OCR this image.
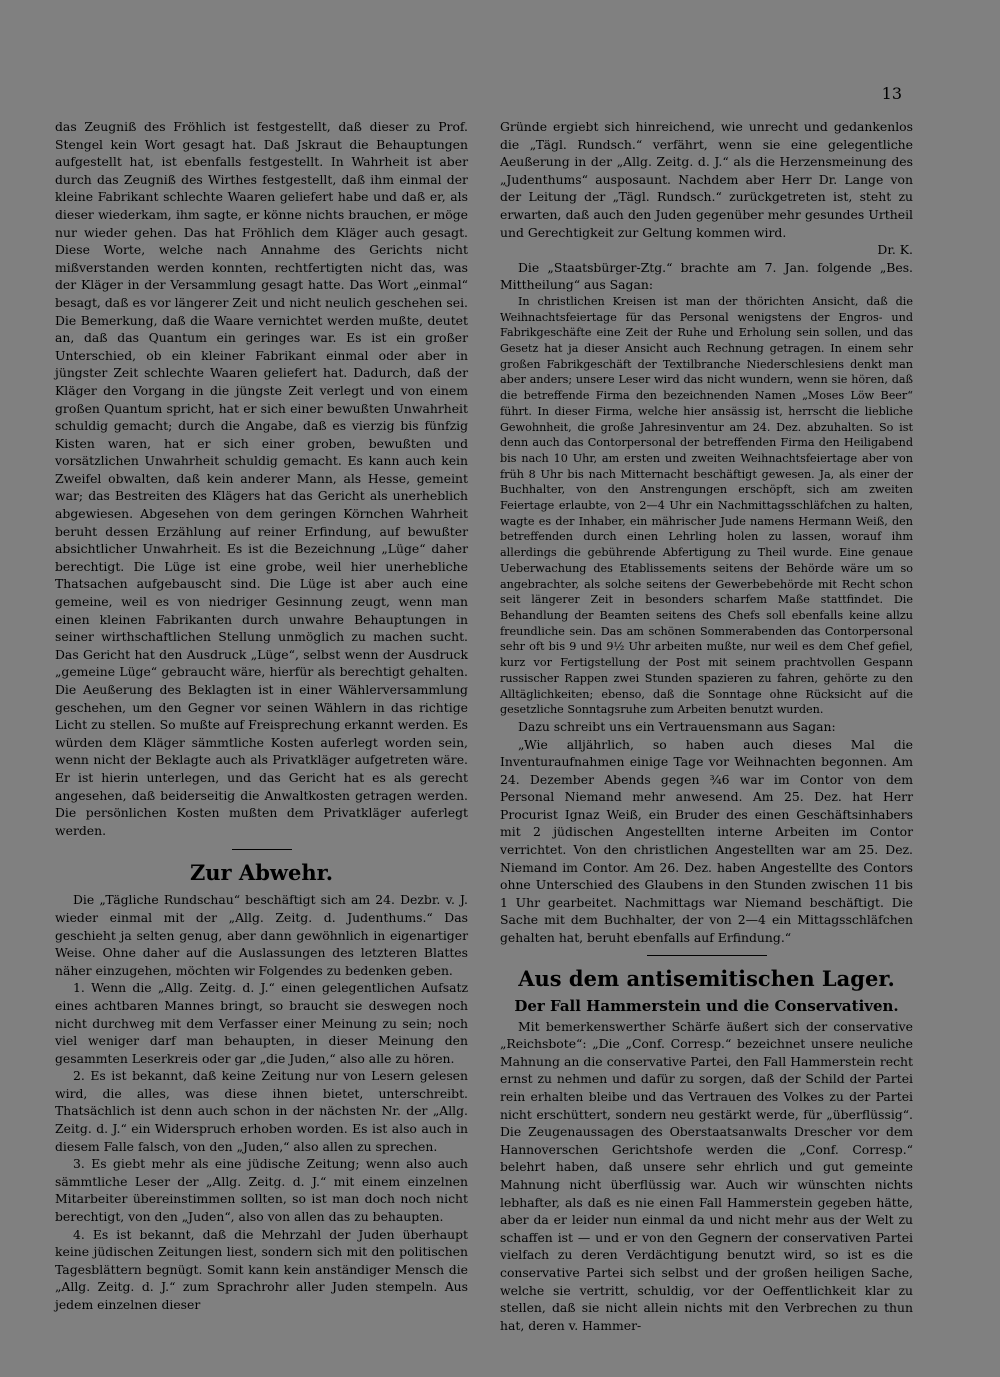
13

das Zeugniß des Fröhlich ist festgestellt, daß dieser zu Prof. Stengel kein Wort gesagt hat. Daß Jskraut die Behauptungen aufgestellt hat, ist ebenfalls festgestellt. In Wahrheit ist aber durch das Zeugniß des Wirthes festgestellt, daß ihm einmal der kleine Fabrikant schlechte Waaren geliefert habe und daß er, als dieser wiederkam, ihm sagte, er könne nichts brauchen, er möge nur wieder gehen. Das hat Fröhlich dem Kläger auch gesagt. Diese Worte, welche nach Annahme des Gerichts nicht mißverstanden werden konnten, rechtfertigten nicht das, was der Kläger in der Versammlung gesagt hatte. Das Wort „einmal“ besagt, daß es vor längerer Zeit und nicht neulich geschehen sei. Die Bemerkung, daß die Waare vernichtet werden mußte, deutet an, daß das Quantum ein geringes war. Es ist ein großer Unterschied, ob ein kleiner Fabrikant einmal oder aber in jüngster Zeit schlechte Waaren geliefert hat. Dadurch, daß der Kläger den Vorgang in die jüngste Zeit verlegt und von einem großen Quantum spricht, hat er sich einer bewußten Unwahrheit schuldig gemacht; durch die Angabe, daß es vierzig bis fünfzig Kisten waren, hat er sich einer groben, bewußten und vorsätzlichen Unwahrheit schuldig gemacht. Es kann auch kein Zweifel obwalten, daß kein anderer Mann, als Hesse, gemeint war; das Bestreiten des Klägers hat das Gericht als unerheblich abgewiesen. Abgesehen von dem geringen Körnchen Wahrheit beruht dessen Erzählung auf reiner Erfindung, auf bewußter absichtlicher Unwahrheit. Es ist die Bezeichnung „Lüge“ daher berechtigt. Die Lüge ist eine grobe, weil hier unerhebliche Thatsachen aufgebauscht sind. Die Lüge ist aber auch eine gemeine, weil es von niedriger Gesinnung zeugt, wenn man einen kleinen Fabrikanten durch unwahre Behauptungen in seiner wirthschaftlichen Stellung unmöglich zu machen sucht. Das Gericht hat den Ausdruck „Lüge“, selbst wenn der Ausdruck „gemeine Lüge“ gebraucht wäre, hierfür als berechtigt gehalten. Die Aeußerung des Beklagten ist in einer Wählerversammlung geschehen, um den Gegner vor seinen Wählern in das richtige Licht zu stellen. So mußte auf Freisprechung erkannt werden. Es würden dem Kläger sämmtliche Kosten auferlegt worden sein, wenn nicht der Beklagte auch als Privatkläger aufgetreten wäre. Er ist hierin unterlegen, und das Gericht hat es als gerecht angesehen, daß beiderseitig die Anwaltkosten getragen werden. Die persönlichen Kosten mußten dem Privatkläger auferlegt werden.

Zur Abwehr.

Die „Tägliche Rundschau“ beschäftigt sich am 24. Dezbr. v. J. wieder einmal mit der „Allg. Zeitg. d. Judenthums.“ Das geschieht ja selten genug, aber dann gewöhnlich in eigenartiger Weise. Ohne daher auf die Auslassungen des letzteren Blattes näher einzugehen, möchten wir Folgendes zu bedenken geben.

1. Wenn die „Allg. Zeitg. d. J.“ einen gelegentlichen Aufsatz eines achtbaren Mannes bringt, so braucht sie deswegen noch nicht durchweg mit dem Verfasser einer Meinung zu sein; noch viel weniger darf man behaupten, in dieser Meinung den gesammten Leserkreis oder gar „die Juden,“ also alle zu hören.

2. Es ist bekannt, daß keine Zeitung nur von Lesern gelesen wird, die alles, was diese ihnen bietet, unterschreibt. Thatsächlich ist denn auch schon in der nächsten Nr. der „Allg. Zeitg. d. J.“ ein Widerspruch erhoben worden. Es ist also auch in diesem Falle falsch, von den „Juden,“ also allen zu sprechen.

3. Es giebt mehr als eine jüdische Zeitung; wenn also auch sämmtliche Leser der „Allg. Zeitg. d. J.“ mit einem einzelnen Mitarbeiter übereinstimmen sollten, so ist man doch noch nicht berechtigt, von den „Juden“, also von allen das zu behaupten.

4. Es ist bekannt, daß die Mehrzahl der Juden überhaupt keine jüdischen Zeitungen liest, sondern sich mit den politischen Tagesblättern begnügt. Somit kann kein anständiger Mensch die „Allg. Zeitg. d. J.“ zum Sprachrohr aller Juden stempeln. Aus jedem einzelnen dieser

Gründe ergiebt sich hinreichend, wie unrecht und gedankenlos die „Tägl. Rundsch.“ verfährt, wenn sie eine gelegentliche Aeußerung in der „Allg. Zeitg. d. J.“ als die Herzensmeinung des „Judenthums“ ausposaunt. Nachdem aber Herr Dr. Lange von der Leitung der „Tägl. Rundsch.“ zurückgetreten ist, steht zu erwarten, daß auch den Juden gegenüber mehr gesundes Urtheil und Gerechtigkeit zur Geltung kommen wird.

Dr. K.

Die „Staatsbürger-Ztg.“ brachte am 7. Jan. folgende „Bes. Mittheilung“ aus Sagan:

In christlichen Kreisen ist man der thörichten Ansicht, daß die Weihnachtsfeiertage für das Personal wenigstens der Engros- und Fabrikgeschäfte eine Zeit der Ruhe und Erholung sein sollen, und das Gesetz hat ja dieser Ansicht auch Rechnung getragen. In einem sehr großen Fabrikgeschäft der Textilbranche Niederschlesiens denkt man aber anders; unsere Leser wird das nicht wundern, wenn sie hören, daß die betreffende Firma den bezeichnenden Namen „Moses Löw Beer“ führt. In dieser Firma, welche hier ansässig ist, herrscht die liebliche Gewohnheit, die große Jahresinventur am 24. Dez. abzuhalten. So ist denn auch das Contorpersonal der betreffenden Firma den Heiligabend bis nach 10 Uhr, am ersten und zweiten Weihnachtsfeiertage aber von früh 8 Uhr bis nach Mitternacht beschäftigt gewesen. Ja, als einer der Buchhalter, von den Anstrengungen erschöpft, sich am zweiten Feiertage erlaubte, von 2—4 Uhr ein Nachmittagsschläfchen zu halten, wagte es der Inhaber, ein mährischer Jude namens Hermann Weiß, den betreffenden durch einen Lehrling holen zu lassen, worauf ihm allerdings die gebührende Abfertigung zu Theil wurde. Eine genaue Ueberwachung des Etablissements seitens der Behörde wäre um so angebrachter, als solche seitens der Gewerbebehörde mit Recht schon seit längerer Zeit in besonders scharfem Maße stattfindet. Die Behandlung der Beamten seitens des Chefs soll ebenfalls keine allzu freundliche sein. Das am schönen Sommerabenden das Contorpersonal sehr oft bis 9 und 9½ Uhr arbeiten mußte, nur weil es dem Chef gefiel, kurz vor Fertigstellung der Post mit seinem prachtvollen Gespann russischer Rappen zwei Stunden spazieren zu fahren, gehörte zu den Alltäglichkeiten; ebenso, daß die Sonntage ohne Rücksicht auf die gesetzliche Sonntagsruhe zum Arbeiten benutzt wurden.

Dazu schreibt uns ein Vertrauensmann aus Sagan:

„Wie alljährlich, so haben auch dieses Mal die Inventuraufnahmen einige Tage vor Weihnachten begonnen. Am 24. Dezember Abends gegen ¾6 war im Contor von dem Personal Niemand mehr anwesend. Am 25. Dez. hat Herr Procurist Ignaz Weiß, ein Bruder des einen Geschäftsinhabers mit 2 jüdischen Angestellten interne Arbeiten im Contor verrichtet. Von den christlichen Angestellten war am 25. Dez. Niemand im Contor. Am 26. Dez. haben Angestellte des Contors ohne Unterschied des Glaubens in den Stunden zwischen 11 bis 1 Uhr gearbeitet. Nachmittags war Niemand beschäftigt. Die Sache mit dem Buchhalter, der von 2—4 ein Mittagsschläfchen gehalten hat, beruht ebenfalls auf Erfindung.“

Aus dem antisemitischen Lager.
Der Fall Hammerstein und die Conservativen.

Mit bemerkenswerther Schärfe äußert sich der conservative „Reichsbote“: „Die „Conf. Corresp.“ bezeichnet unsere neuliche Mahnung an die conservative Partei, den Fall Hammerstein recht ernst zu nehmen und dafür zu sorgen, daß der Schild der Partei rein erhalten bleibe und das Vertrauen des Volkes zu der Partei nicht erschüttert, sondern neu gestärkt werde, für „überflüssig“. Die Zeugenaussagen des Oberstaatsanwalts Drescher vor dem Hannoverschen Gerichtshofe werden die „Conf. Corresp.“ belehrt haben, daß unsere sehr ehrlich und gut gemeinte Mahnung nicht überflüssig war. Auch wir wünschten nichts lebhafter, als daß es nie einen Fall Hammerstein gegeben hätte, aber da er leider nun einmal da und nicht mehr aus der Welt zu schaffen ist — und er von den Gegnern der conservativen Partei vielfach zu deren Verdächtigung benutzt wird, so ist es die conservative Partei sich selbst und der großen heiligen Sache, welche sie vertritt, schuldig, vor der Oeffentlichkeit klar zu stellen, daß sie nicht allein nichts mit den Verbrechen zu thun hat, deren v. Hammer-
